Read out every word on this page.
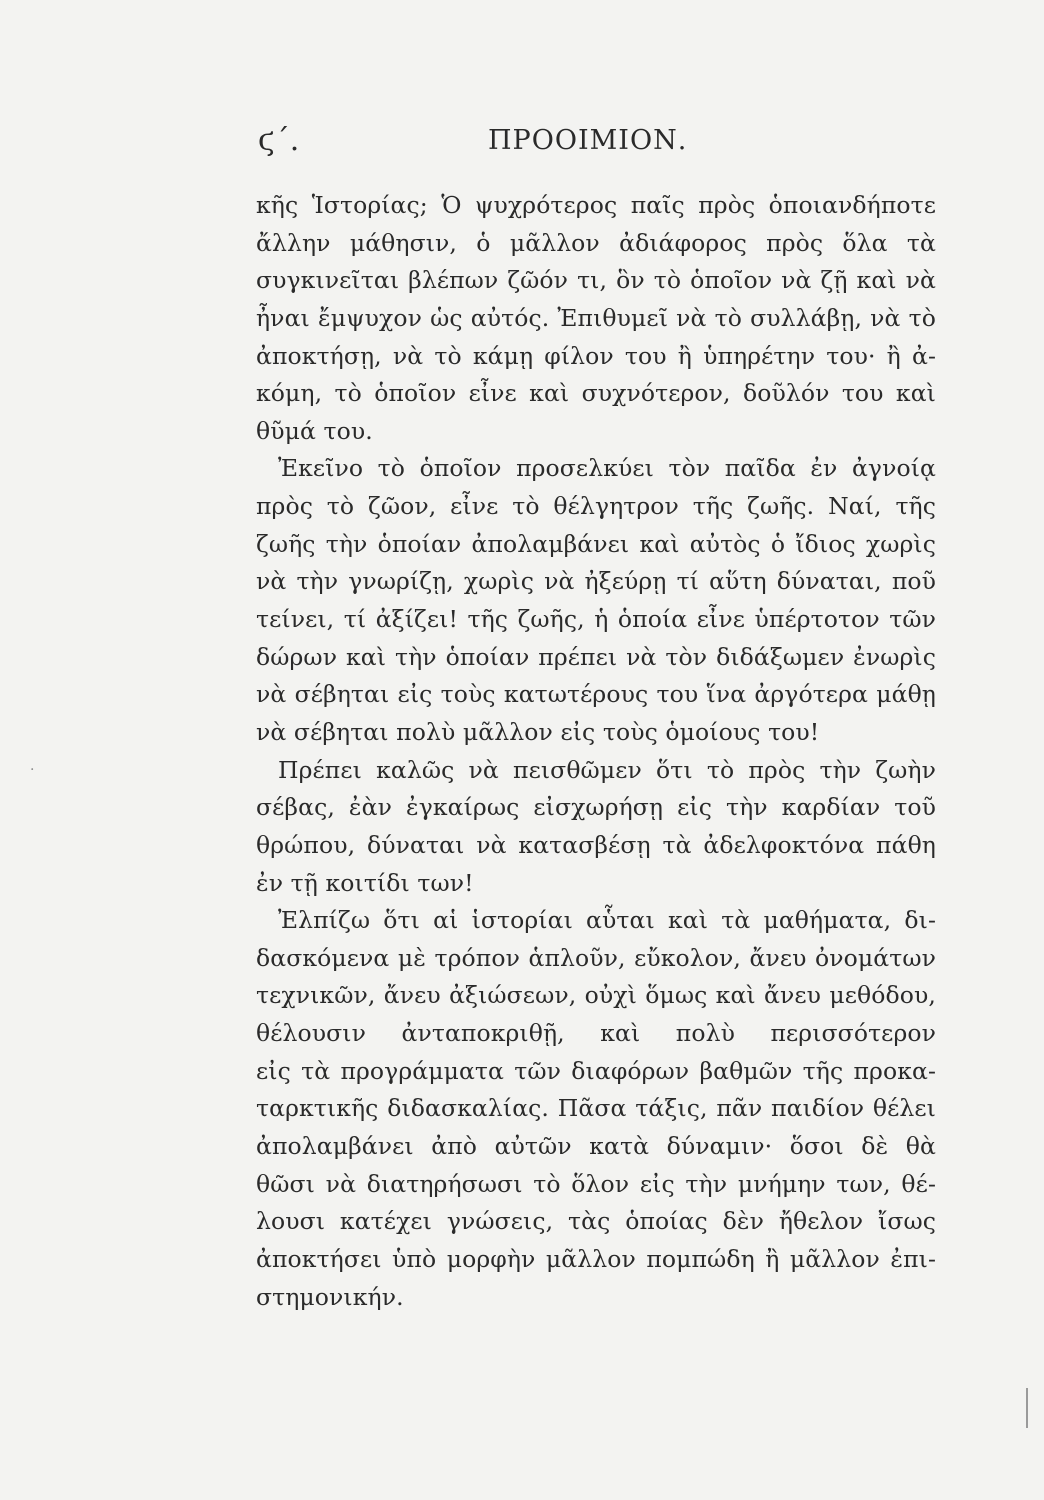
ϛ΄.	ΠΡΟΟΙΜΙΟΝ.
κῆς Ἱστορίας; Ὁ ψυχρότερος παῖς πρὸς ὁποιανδήποτε
ἄλλην μάθησιν, ὁ μᾶλλον ἀδιάφορος πρὸς ὅλα τὰ
συγκινεῖται βλέπων ζῶόν τι, ὃν τὸ ὁποῖον νὰ ζῇ καὶ νὰ
ἦναι ἔμψυχον ὡς αὐτός. Ἐπιθυμεῖ νὰ τὸ συλλάβῃ, νὰ τὸ
ἀποκτήσῃ, νὰ τὸ κάμῃ φίλον του ἢ ὑπηρέτην του· ἢ ἀ-
κόμη, τὸ ὁποῖον εἶνε καὶ συχνότερον, δοῦλόν του καὶ
θῦμά του.
Ἐκεῖνο τὸ ὁποῖον προσελκύει τὸν παῖδα ἐν ἀγνοίᾳ
πρὸς τὸ ζῶον, εἶνε τὸ θέλγητρον τῆς ζωῆς. Ναί, τῆς
ζωῆς τὴν ὁποίαν ἀπολαμβάνει καὶ αὐτὸς ὁ ἴδιος χωρὶς
νὰ τὴν γνωρίζῃ, χωρὶς νὰ ἠξεύρῃ τί αὕτη δύναται, ποῦ
τείνει, τί ἀξίζει! τῆς ζωῆς, ἡ ὁποία εἶνε ὑπέρτοτον τῶν
δώρων καὶ τὴν ὁποίαν πρέπει νὰ τὸν διδάξωμεν ἐνωρὶς
νὰ σέβηται εἰς τοὺς κατωτέρους του ἵνα ἀργότερα μάθῃ
νὰ σέβηται πολὺ μᾶλλον εἰς τοὺς ὁμοίους του!
Πρέπει καλῶς νὰ πεισθῶμεν ὅτι τὸ πρὸς τὴν ζωὴν
σέβας, ἐὰν ἐγκαίρως εἰσχωρήσῃ εἰς τὴν καρδίαν τοῦ
θρώπου, δύναται νὰ κατασβέσῃ τὰ ἀδελφοκτόνα πάθη
ἐν τῇ κοιτίδι των!
Ἐλπίζω ὅτι αἱ ἱστορίαι αὗται καὶ τὰ μαθήματα, δι-
δασκόμενα μὲ τρόπον ἁπλοῦν, εὔκολον, ἄνευ ὀνομάτων
τεχνικῶν, ἄνευ ἀξιώσεων, οὐχὶ ὅμως καὶ ἄνευ μεθόδου,
θέλουσιν ἀνταποκριθῇ, καὶ πολὺ περισσότερον
εἰς τὰ προγράμματα τῶν διαφόρων βαθμῶν τῆς προκα-
ταρκτικῆς διδασκαλίας. Πᾶσα τάξις, πᾶν παιδίον θέλει
ἀπολαμβάνει ἀπὸ αὐτῶν κατὰ δύναμιν· ὅσοι δὲ θὰ
θῶσι νὰ διατηρήσωσι τὸ ὅλον εἰς τὴν μνήμην των, θέ-
λουσι κατέχει γνώσεις, τὰς ὁποίας δὲν ἤθελον ἴσως
ἀποκτήσει ὑπὸ μορφὴν μᾶλλον πομπώδη ἢ μᾶλλον ἐπι-
στημονικήν.
·
